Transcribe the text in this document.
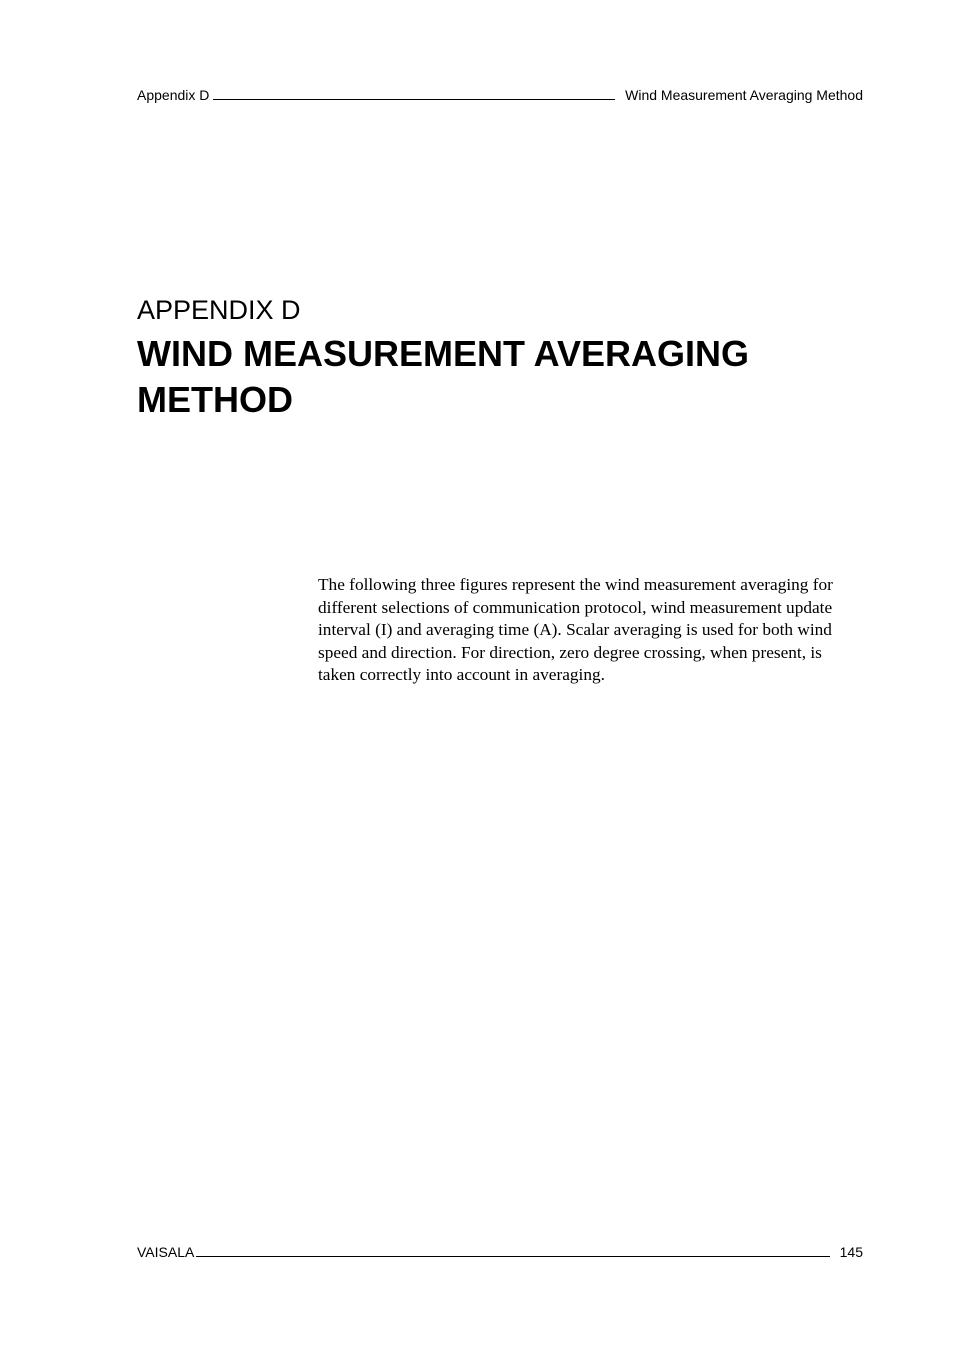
Appendix D	Wind Measurement Averaging Method
APPENDIX D
WIND MEASUREMENT AVERAGING
METHOD

The following three figures represent the wind measurement averaging for different selections of communication protocol, wind measurement update interval (I) and averaging time (A). Scalar averaging is used for both wind speed and direction. For direction, zero degree crossing, when present, is taken correctly into account in averaging.

VAISALA	145
